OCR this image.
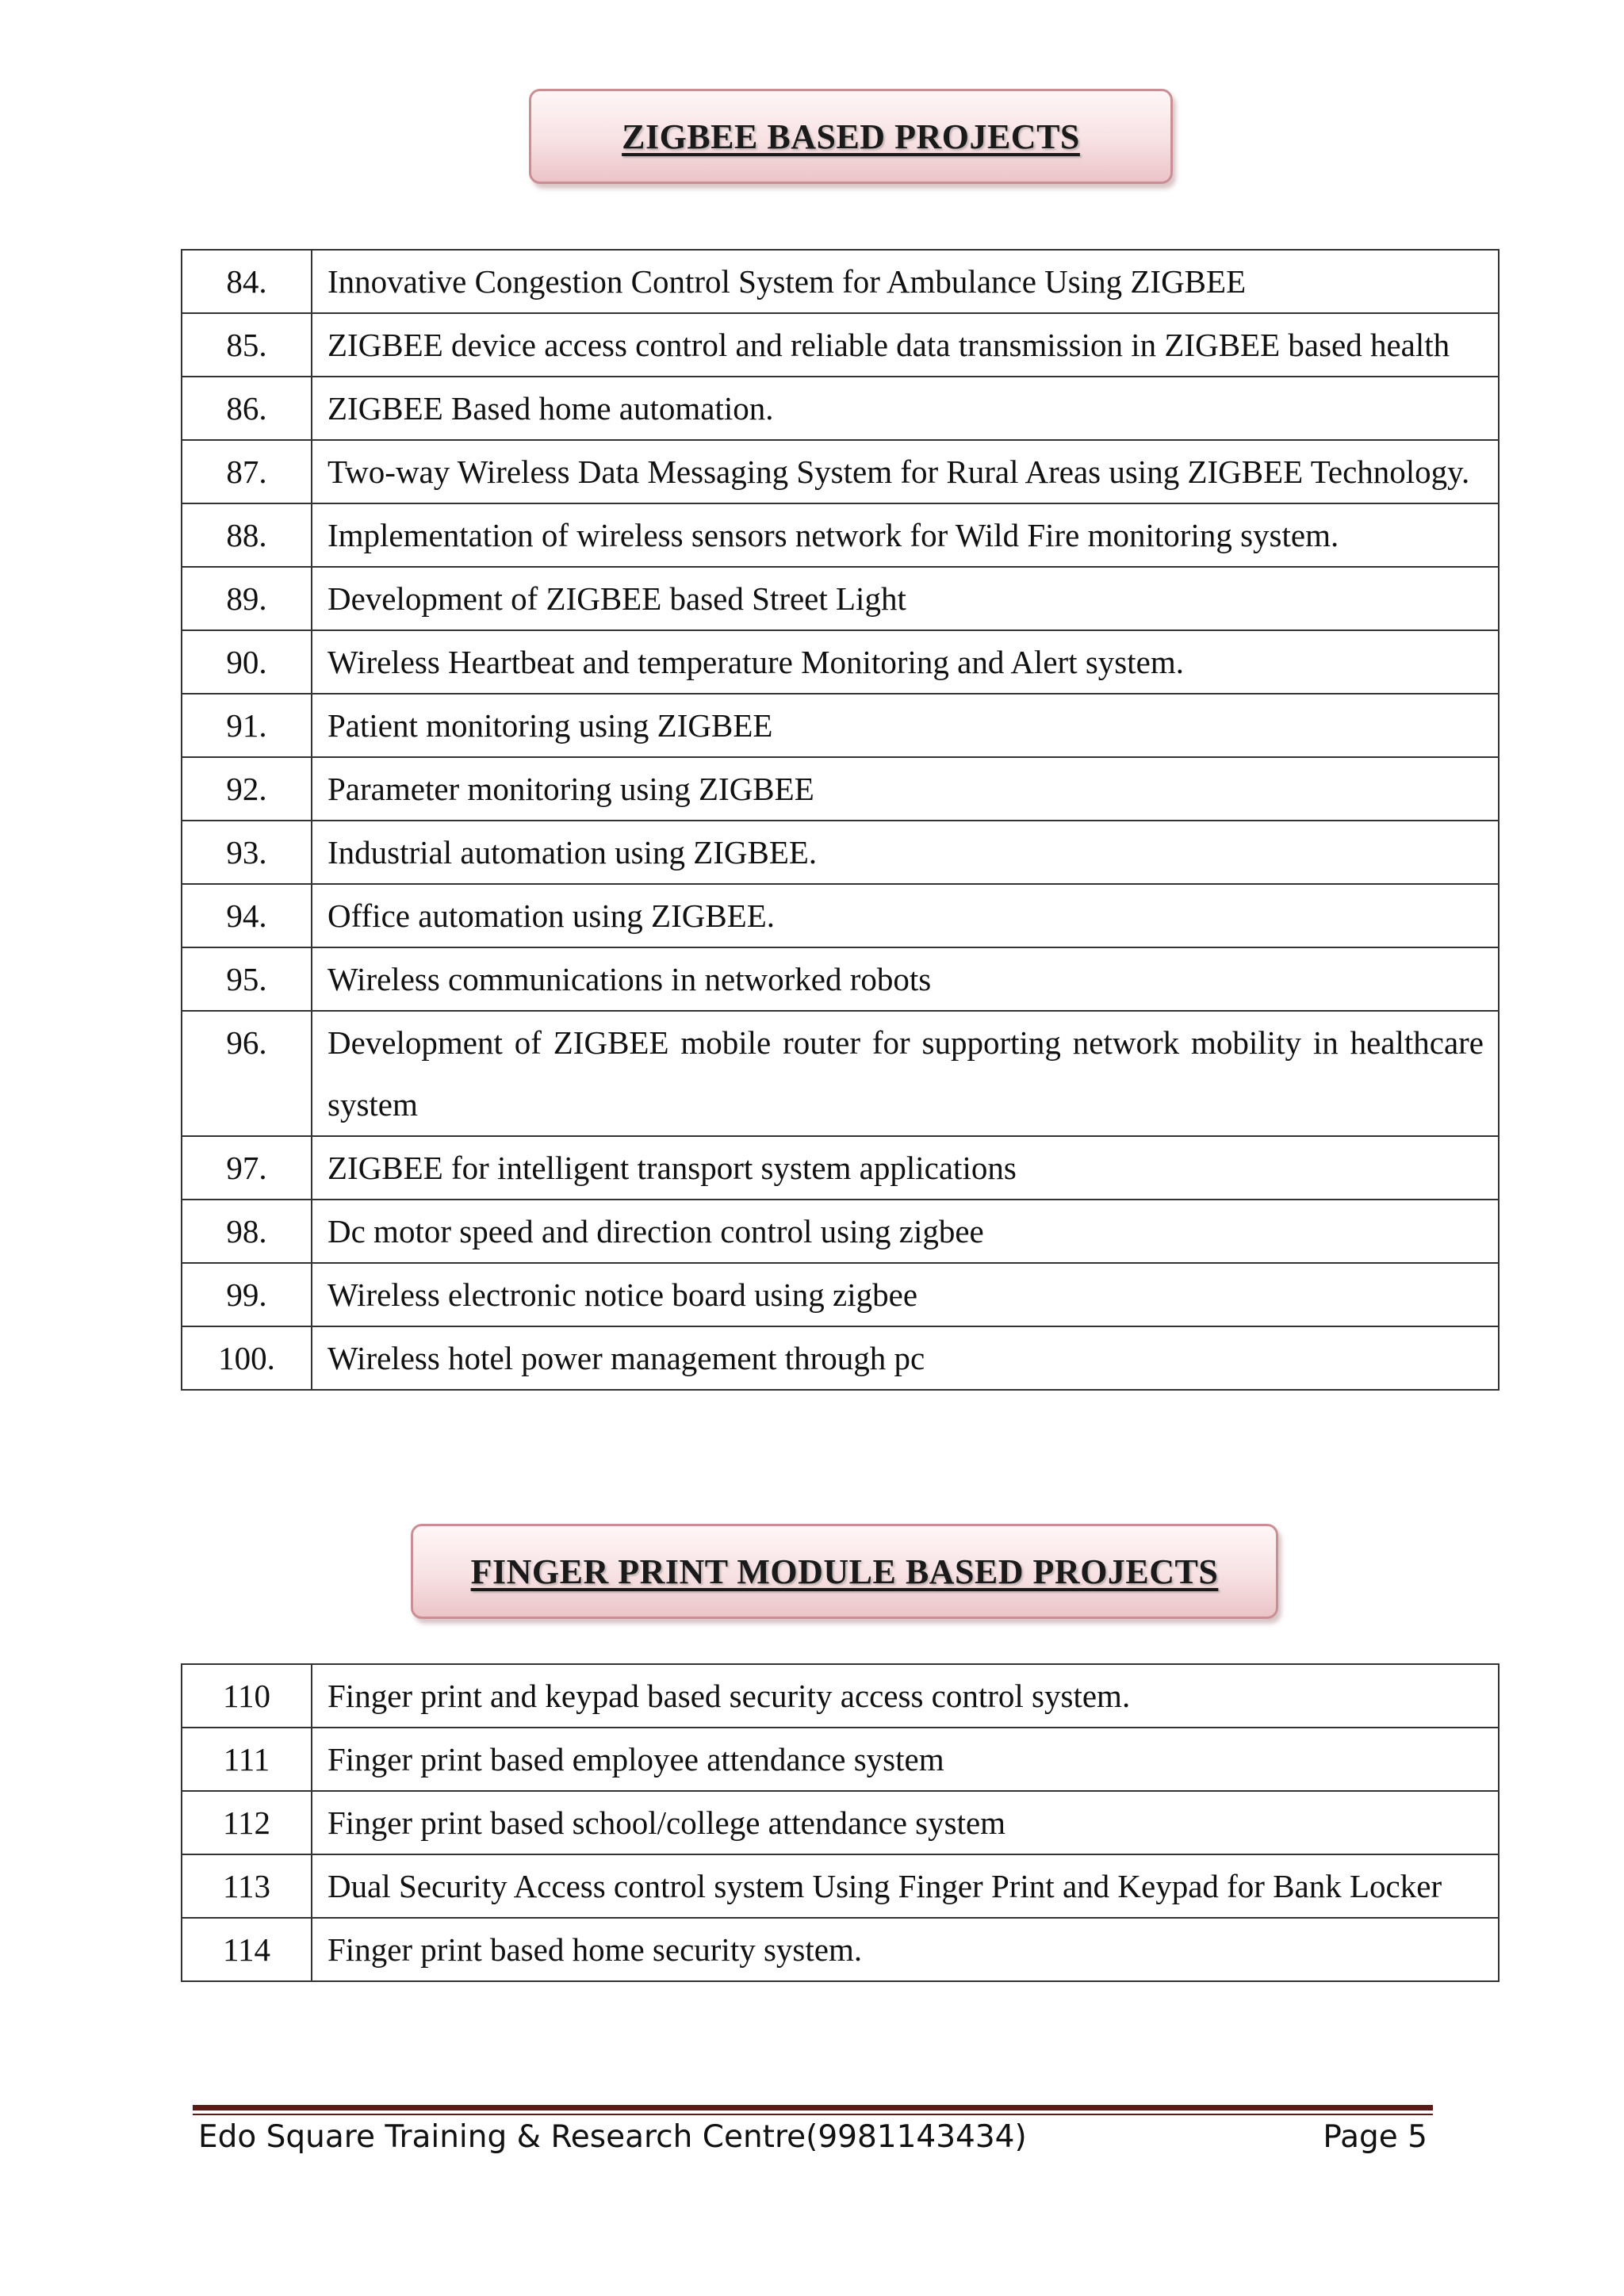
ZIGBEE BASED PROJECTS
84.	Innovative Congestion Control System for Ambulance Using ZIGBEE
85.	ZIGBEE device access control and reliable data transmission in ZIGBEE based health
86.	ZIGBEE Based home automation.
87.	Two-way Wireless Data Messaging System for Rural Areas using ZIGBEE Technology.
88.	Implementation of wireless sensors network for Wild Fire monitoring system.
89.	Development of ZIGBEE based Street Light
90.	Wireless Heartbeat and temperature Monitoring and Alert system.
91.	Patient monitoring using ZIGBEE
92.	Parameter monitoring using ZIGBEE
93.	Industrial automation using ZIGBEE.
94.	Office automation using ZIGBEE.
95.	Wireless communications in networked robots
96.	Development of ZIGBEE mobile router for supporting network mobility in healthcare system
97.	ZIGBEE for intelligent transport system applications
98.	Dc motor speed and direction control using zigbee
99.	Wireless electronic notice board using zigbee
100.	Wireless hotel power management through pc
FINGER PRINT MODULE BASED PROJECTS
110	Finger print and keypad based security access control system.
111	Finger print based employee attendance system
112	Finger print based school/college attendance system
113	Dual Security Access control system Using Finger Print and Keypad for Bank Locker
114	Finger print based home security system.
Edo Square Training & Research Centre(9981143434)	Page 5
